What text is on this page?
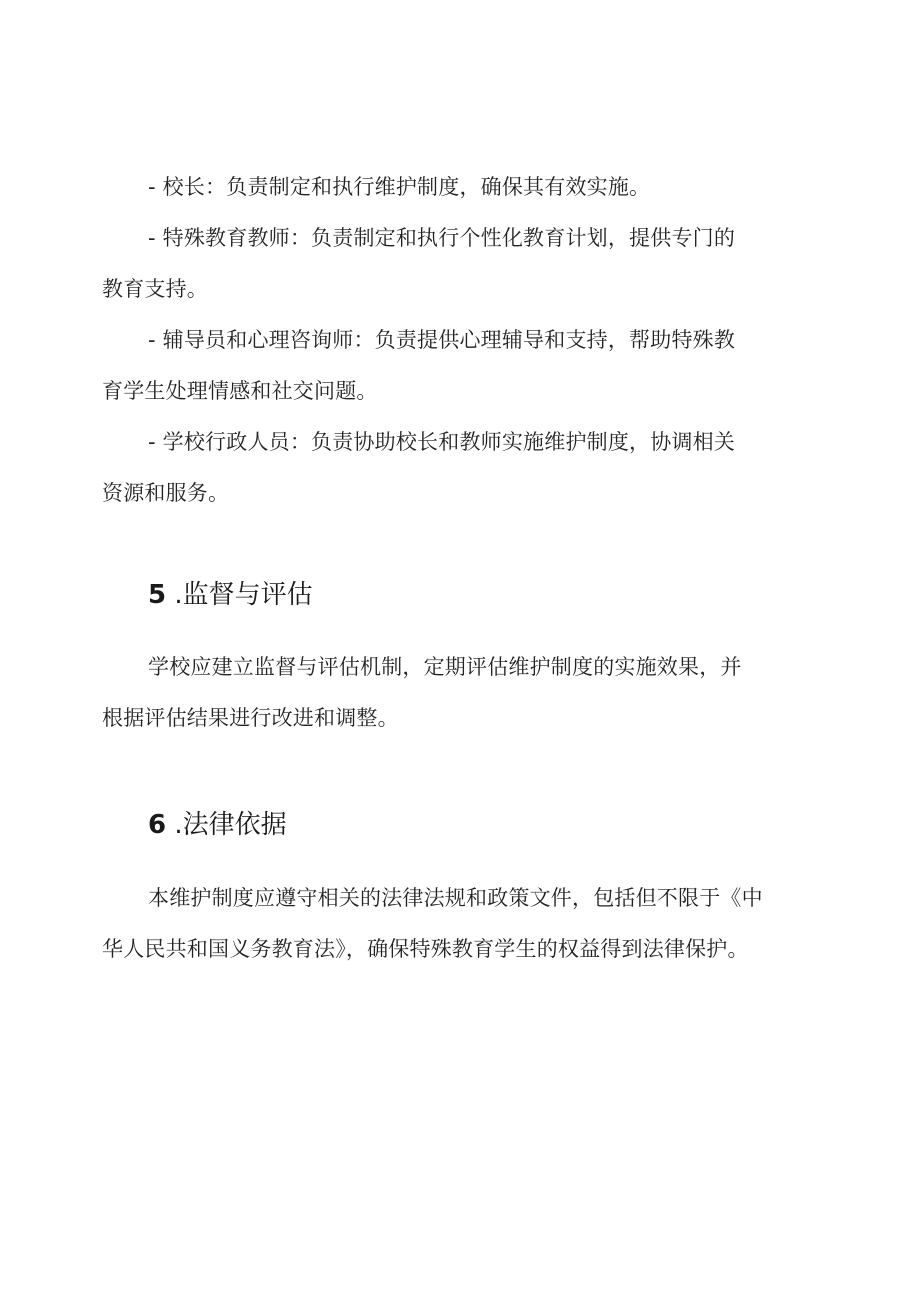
- 校长：负责制定和执行维护制度，确保其有效实施。
- 特殊教育教师：负责制定和执行个性化教育计划，提供专门的
教育支持。
- 辅导员和心理咨询师：负责提供心理辅导和支持，帮助特殊教
育学生处理情感和社交问题。
- 学校行政人员：负责协助校长和教师实施维护制度，协调相关
资源和服务。
5 .监督与评估
学校应建立监督与评估机制，定期评估维护制度的实施效果，并
根据评估结果进行改进和调整。
6 .法律依据
本维护制度应遵守相关的法律法规和政策文件，包括但不限于《中
华人民共和国义务教育法》，确保特殊教育学生的权益得到法律保护。
